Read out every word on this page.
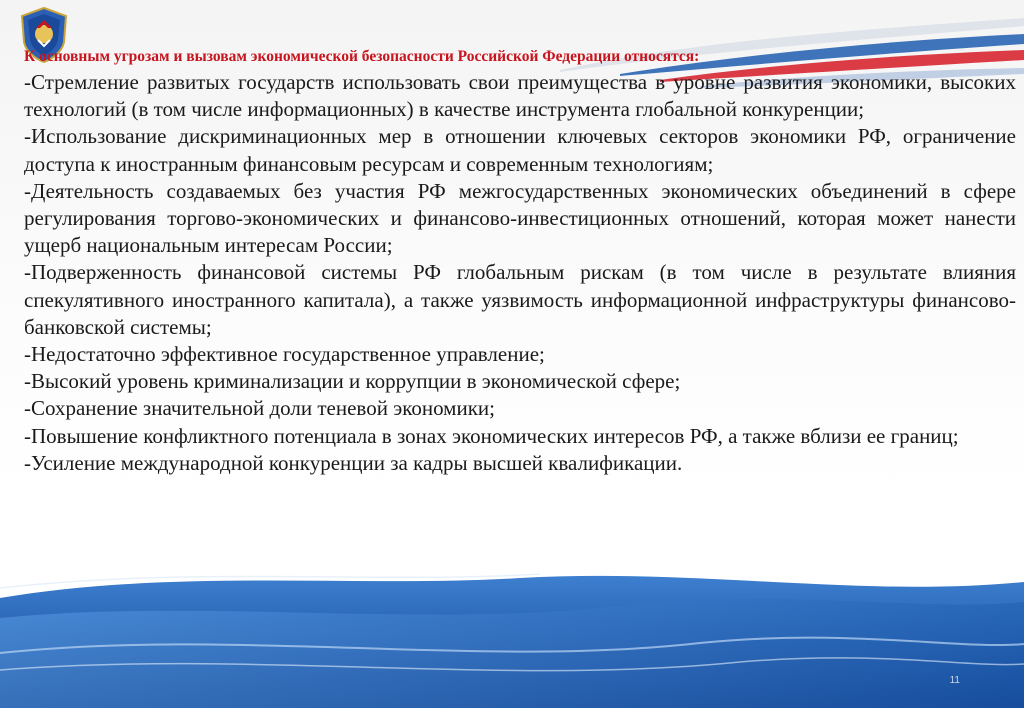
К основным угрозам и вызовам экономической безопасности Российской Федерации относятся:

-Стремление развитых государств использовать свои преимущества в уровне развития экономики, высоких технологий (в том числе информационных) в качестве инструмента глобальной конкуренции;
-Использование дискриминационных мер в отношении ключевых секторов экономики РФ, ограничение доступа к иностранным финансовым ресурсам и современным технологиям;
-Деятельность создаваемых без участия РФ межгосударственных экономических объединений в сфере регулирования торгово-экономических и финансово-инвестиционных отношений, которая может нанести ущерб национальным интересам России;
-Подверженность финансовой системы РФ глобальным рискам (в том числе в результате влияния спекулятивного иностранного капитала), а также уязвимость информационной инфраструктуры финансово-банковской системы;
-Недостаточно эффективное государственное управление;
-Высокий уровень криминализации и коррупции в экономической сфере;
-Сохранение значительной доли теневой экономики;
-Повышение конфликтного потенциала в зонах экономических интересов РФ, а также вблизи ее границ;
-Усиление международной конкуренции за кадры высшей квалификации.
11
